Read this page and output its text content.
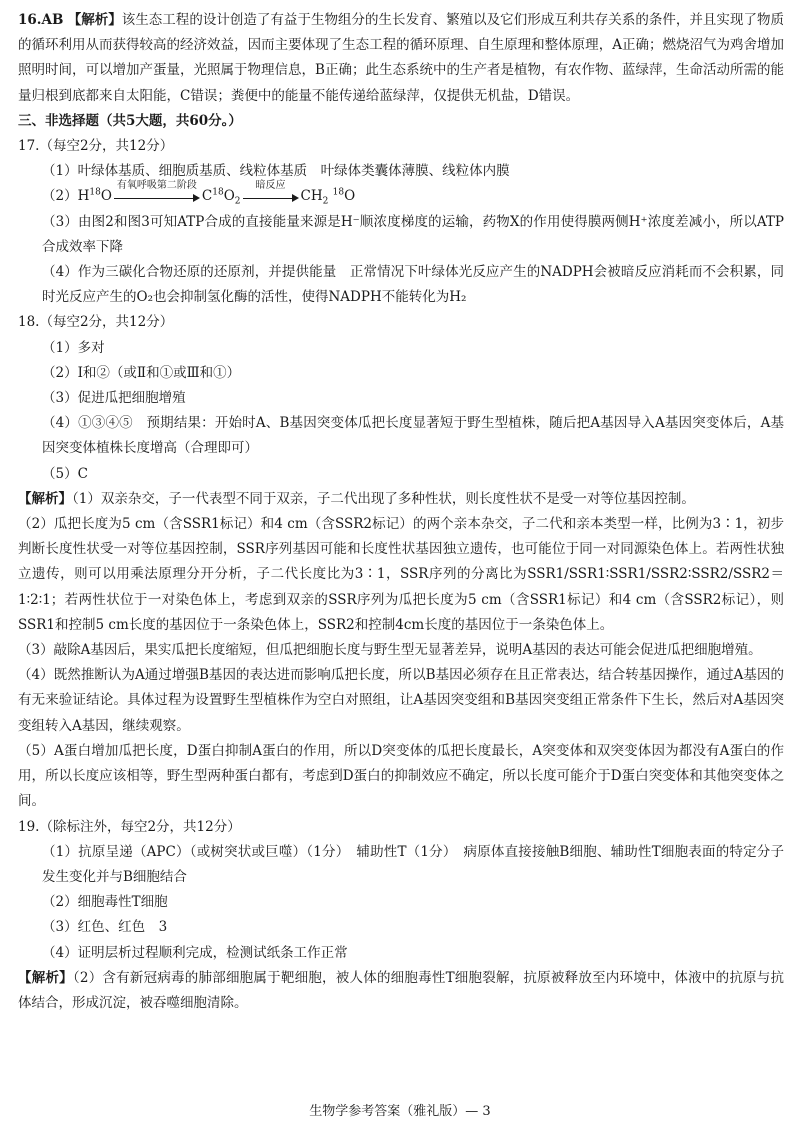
16.AB 【解析】该生态工程的设计创造了有益于生物组分的生长发育、繁殖以及它们形成互利共存关系的条件，并且实现了物质的循环利用从而获得较高的经济效益，因而主要体现了生态工程的循环原理、自生原理和整体原理，A正确；燃烧沼气为鸡舍增加照明时间，可以增加产蛋量，光照属于物理信息，B正确；此生态系统中的生产者是植物，有农作物、蓝绿萍，生命活动所需的能量归根到底都来自太阳能，C错误；粪便中的能量不能传递给蓝绿萍，仅提供无机盐，D错误。

三、非选择题（共5大题，共60分。）

17.（每空2分，共12分）

（1）叶绿体基质、细胞质基质、线粒体基质　叶绿体类囊体薄膜、线粒体内膜

$(2)H^{18}O$
有氧呼吸第二阶段
$C^{18}O_2$
暗反应
$CH_2$ $^{18}$O

（3）由图2和图3可知ATP合成的直接能量来源是H⁻顺浓度梯度的运输，药物X的作用使得膜两侧H⁺浓度差减小，所以ATP合成效率下降

（4）作为三碳化合物还原的还原剂，并提供能量　正常情况下叶绿体光反应产生的NADPH会被暗反应消耗而不会积累，同时光反应产生的O₂也会抑制氢化酶的活性，使得NADPH不能转化为H₂

18.（每空2分，共12分）

（1）多对

（2）Ⅰ和②（或Ⅱ和①或Ⅲ和①）

（3）促进瓜把细胞增殖

（4）①③④⑤　预期结果：开始时A、B基因突变体瓜把长度显著短于野生型植株，随后把A基因导入A基因突变体后，A基因突变体植株长度增高（合理即可）

（5）C

【解析】（1）双亲杂交，子一代表型不同于双亲，子二代出现了多种性状，则长度性状不是受一对等位基因控制。

（2）瓜把长度为5 cm（含SSR1标记）和4 cm（含SSR2标记）的两个亲本杂交，子二代和亲本类型一样，比例为3∶1，初步判断长度性状受一对等位基因控制，SSR序列基因可能和长度性状基因独立遗传，也可能位于同一对同源染色体上。若两性状独立遗传，则可以用乘法原理分开分析，子二代长度比为3∶1，SSR序列的分离比为SSR1/SSR1∶SSR1/SSR2∶SSR2/SSR2＝1∶2∶1；若两性状位于一对染色体上，考虑到双亲的SSR序列为瓜把长度为5 cm（含SSR1标记）和4 cm（含SSR2标记），则SSR1和控制5 cm长度的基因位于一条染色体上，SSR2和控制4cm长度的基因位于一条染色体上。

（3）敲除A基因后，果实瓜把长度缩短，但瓜把细胞长度与野生型无显著差异，说明A基因的表达可能会促进瓜把细胞增殖。

（4）既然推断认为A通过增强B基因的表达进而影响瓜把长度，所以B基因必须存在且正常表达，结合转基因操作，通过A基因的有无来验证结论。具体过程为设置野生型植株作为空白对照组，让A基因突变组和B基因突变组正常条件下生长，然后对A基因突变组转入A基因，继续观察。

（5）A蛋白增加瓜把长度，D蛋白抑制A蛋白的作用，所以D突变体的瓜把长度最长，A突变体和双突变体因为都没有A蛋白的作用，所以长度应该相等，野生型两种蛋白都有，考虑到D蛋白的抑制效应不确定，所以长度可能介于D蛋白突变体和其他突变体之间。

19.（除标注外，每空2分，共12分）

（1）抗原呈递（APC）（或树突状或巨噬）（1分）　辅助性T（1分）　病原体直接接触B细胞、辅助性T细胞表面的特定分子发生变化并与B细胞结合

（2）细胞毒性T细胞

（3）红色、红色　3

（4）证明层析过程顺利完成，检测试纸条工作正常

【解析】（2）含有新冠病毒的肺部细胞属于靶细胞，被人体的细胞毒性T细胞裂解，抗原被释放至内环境中，体液中的抗原与抗体结合，形成沉淀，被吞噬细胞清除。

生物学参考答案（雅礼版）— 3
